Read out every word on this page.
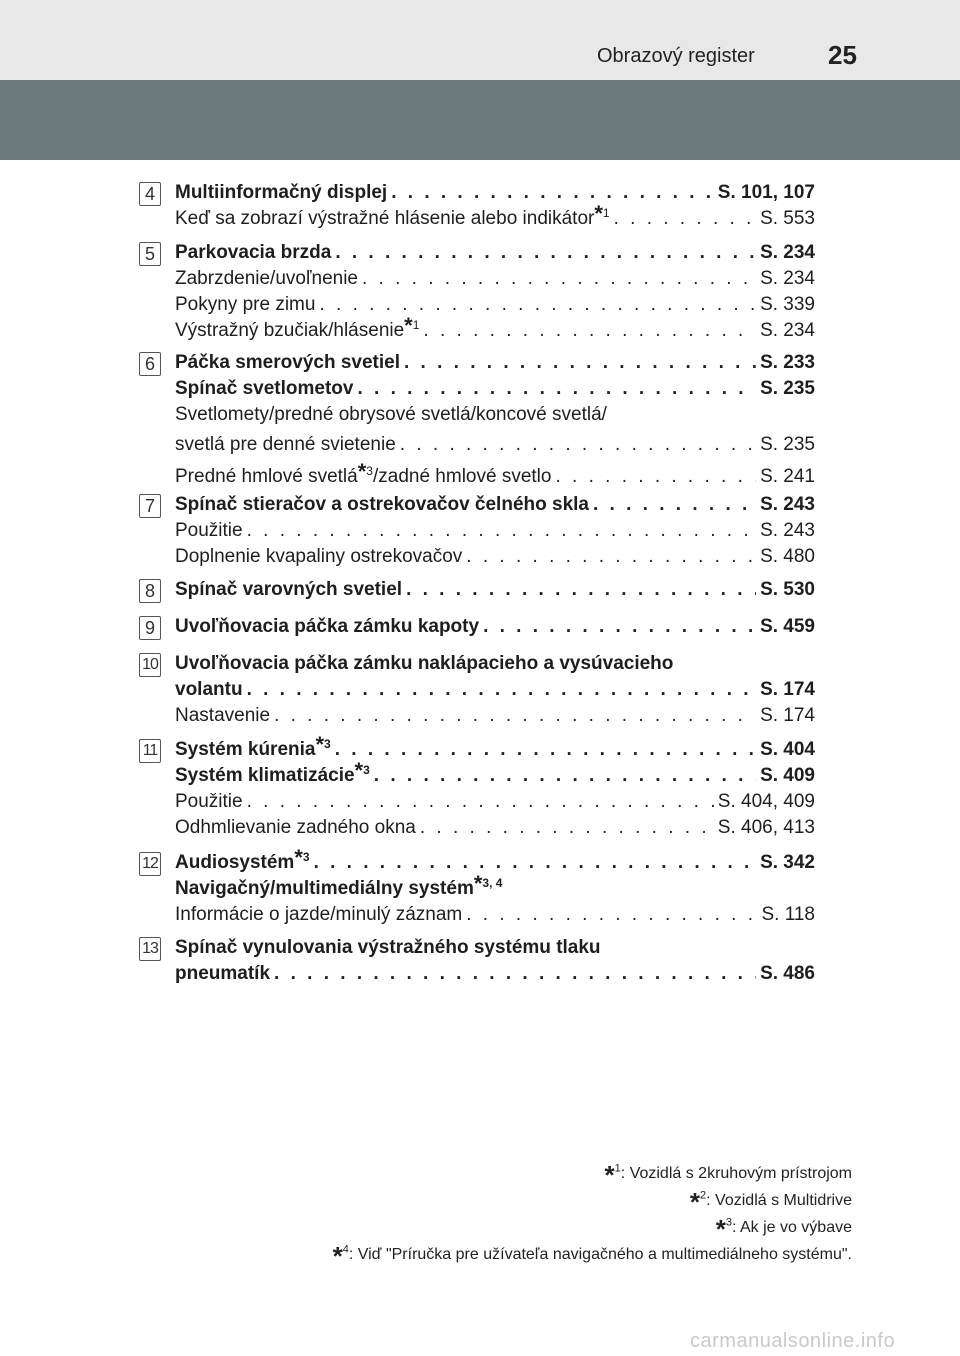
Obrazový register	25
4	Multiinformačný displej . . .	S. 101, 107
Keď sa zobrazí výstražné hlásenie alebo indikátor$^{*1}$ . . .	S. 553
5	Parkovacia brzda . . .	S. 234
Zabrzdenie/uvoľnenie . . .	S. 234
Pokyny pre zimu . . .	S. 339
Výstražný bzučiak/hlásenie$^{*1}$ . . .	S. 234
6	Páčka smerových svetiel . . .	S. 233
Spínač svetlometov . . .	S. 235
Svetlomety/predné obrysové svetlá/koncové svetlá/
svetlá pre denné svietenie . . .	S. 235
Predné hmlové svetlá$^{*3}$/zadné hmlové svetlo . . .	S. 241
7	Spínač stieračov a ostrekovačov čelného skla . . .	S. 243
Použitie . . .	S. 243
Doplnenie kvapaliny ostrekovačov . . .	S. 480
8	Spínač varovných svetiel . . .	S. 530
9	Uvoľňovacia páčka zámku kapoty . . .	S. 459
10 Uvoľňovacia páčka zámku naklápacieho a vysúvacieho
volantu . . .	S. 174
Nastavenie . . .	S. 174
11 Systém kúrenia$^{*3}$ . . .	S. 404
Systém klimatizácie$^{*3}$ . . .	S. 409
Použitie . . .	S. 404, 409
Odhmlievanie zadného okna . . .	S. 406, 413
12 Audiosystém$^{*3}$ . . .	S. 342
Navigačný/multimediálny systém$^{*3, 4}$
Informácie o jazde/minulý záznam . . .	S. 118
13 Spínač vynulovania výstražného systému tlaku
pneumatík . . .	S. 486
*$^1$: Vozidlá s 2kruhovým prístrojom
*$^2$: Vozidlá s Multidrive
*$^3$: Ak je vo výbave
*$^4$: Viď "Príručka pre užívateľa navigačného a multimediálneho systému".
carmanualsonline.info
